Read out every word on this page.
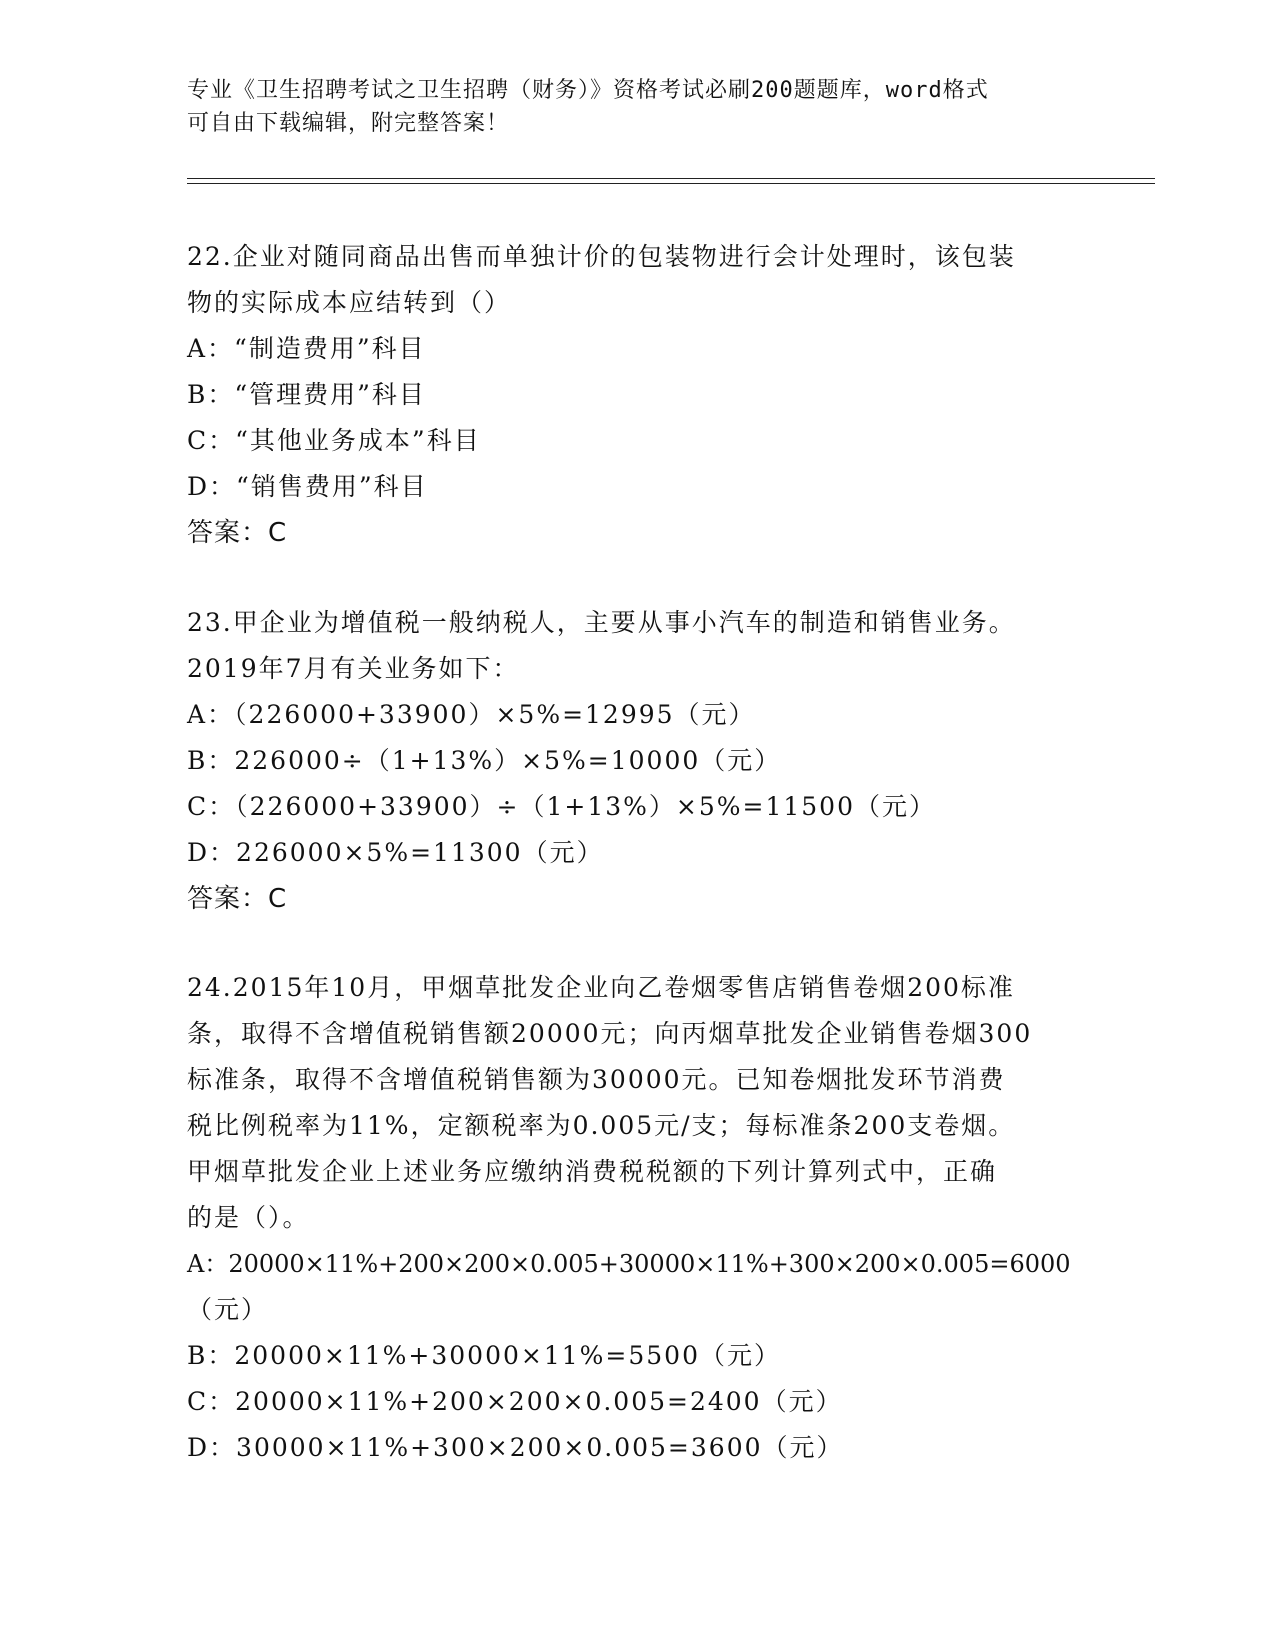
专业《卫生招聘考试之卫生招聘（财务）》资格考试必刷200题题库，word格式
可自由下载编辑，附完整答案！
22.企业对随同商品出售而单独计价的包装物进行会计处理时，该包装
物的实际成本应结转到（）
A：“制造费用”科目
B：“管理费用”科目
C：“其他业务成本”科目
D：“销售费用”科目
答案：C
23.甲企业为增值税一般纳税人，主要从事小汽车的制造和销售业务。
2019年7月有关业务如下：
A：（226000+33900）×5%=12995（元）
B：226000÷（1+13%）×5%=10000（元）
C：（226000+33900）÷（1+13%）×5%=11500（元）
D：226000×5%=11300（元）
答案：C
24.2015年10月，甲烟草批发企业向乙卷烟零售店销售卷烟200标准
条，取得不含增值税销售额20000元；向丙烟草批发企业销售卷烟300
标准条，取得不含增值税销售额为30000元。已知卷烟批发环节消费
税比例税率为11%，定额税率为0.005元/支；每标准条200支卷烟。
甲烟草批发企业上述业务应缴纳消费税税额的下列计算列式中，正确
的是（）。
A：20000×11%+200×200×0.005+30000×11%+300×200×0.005=6000
（元）
B：20000×11%+30000×11%=5500（元）
C：20000×11%+200×200×0.005=2400（元）
D：30000×11%+300×200×0.005=3600（元）
